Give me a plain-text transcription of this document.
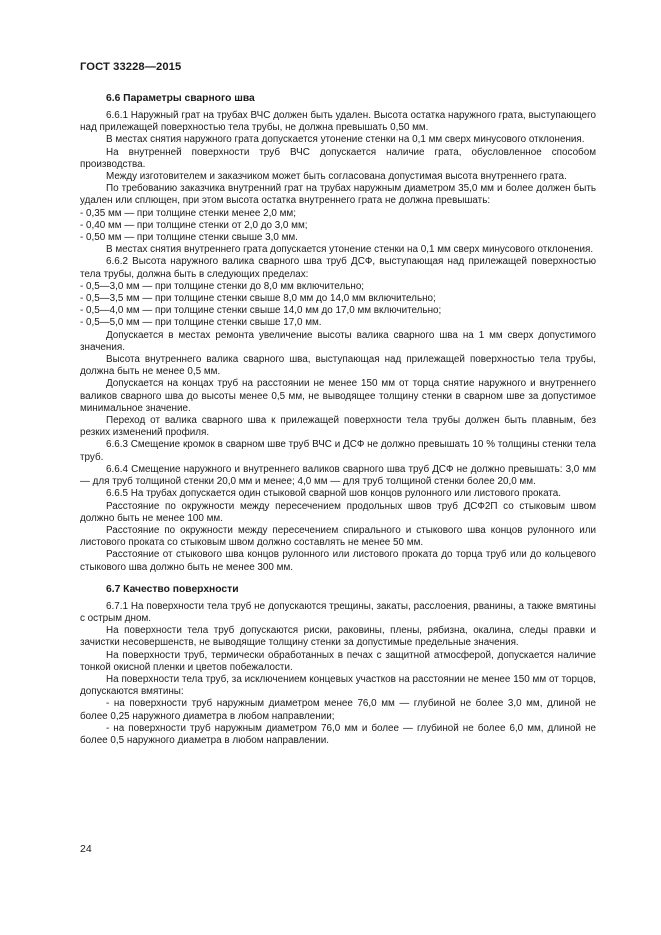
ГОСТ 33228—2015
6.6 Параметры сварного шва

6.6.1 Наружный грат на трубах ВЧС должен быть удален. Высота остатка наружного грата, выступающего над прилежащей поверхностью тела трубы, не должна превышать 0,50 мм.

В местах снятия наружного грата допускается утонение стенки на 0,1 мм сверх минусового отклонения.

На внутренней поверхности труб ВЧС допускается наличие грата, обусловленное способом производства.

Между изготовителем и заказчиком может быть согласована допустимая высота внутреннего грата.

По требованию заказчика внутренний грат на трубах наружным диаметром 35,0 мм и более должен быть удален или сплющен, при этом высота остатка внутреннего грата не должна превышать:

- 0,35 мм — при толщине стенки менее 2,0 мм;

- 0,40 мм — при толщине стенки от 2,0 до 3,0 мм;

- 0,50 мм — при толщине стенки свыше 3,0 мм.

В местах снятия внутреннего грата допускается утонение стенки на 0,1 мм сверх минусового отклонения.

6.6.2 Высота наружного валика сварного шва труб ДСФ, выступающая над прилежащей поверхностью тела трубы, должна быть в следующих пределах:

- 0,5—3,0 мм — при толщине стенки до 8,0 мм включительно;

- 0,5—3,5 мм — при толщине стенки свыше 8,0 мм до 14,0 мм включительно;

- 0,5—4,0 мм — при толщине стенки свыше 14,0 мм до 17,0 мм включительно;

- 0,5—5,0 мм — при толщине стенки свыше 17,0 мм.

Допускается в местах ремонта увеличение высоты валика сварного шва на 1 мм сверх допустимого значения.

Высота внутреннего валика сварного шва, выступающая над прилежащей поверхностью тела трубы, должна быть не менее 0,5 мм.

Допускается на концах труб на расстоянии не менее 150 мм от торца снятие наружного и внутреннего валиков сварного шва до высоты менее 0,5 мм, не выводящее толщину стенки в сварном шве за допустимое минимальное значение.

Переход от валика сварного шва к прилежащей поверхности тела трубы должен быть плавным, без резких изменений профиля.

6.6.3 Смещение кромок в сварном шве труб ВЧС и ДСФ не должно превышать 10 % толщины стенки тела труб.

6.6.4 Смещение наружного и внутреннего валиков сварного шва труб ДСФ не должно превышать: 3,0 мм — для труб толщиной стенки 20,0 мм и менее; 4,0 мм — для труб толщиной стенки более 20,0 мм.

6.6.5 На трубах допускается один стыковой сварной шов концов рулонного или листового проката.

Расстояние по окружности между пересечением продольных швов труб ДСФ2П со стыковым швом должно быть не менее 100 мм.

Расстояние по окружности между пересечением спирального и стыкового шва концов рулонного или листового проката со стыковым швом должно составлять не менее 50 мм.

Расстояние от стыкового шва концов рулонного или листового проката до торца труб или до кольцевого стыкового шва должно быть не менее 300 мм.

6.7 Качество поверхности

6.7.1 На поверхности тела труб не допускаются трещины, закаты, расслоения, рванины, а также вмятины с острым дном.

На поверхности тела труб допускаются риски, раковины, плены, рябизна, окалина, следы правки и зачистки несовершенств, не выводящие толщину стенки за допустимые предельные значения.

На поверхности труб, термически обработанных в печах с защитной атмосферой, допускается наличие тонкой окисной пленки и цветов побежалости.

На поверхности тела труб, за исключением концевых участков на расстоянии не менее 150 мм от торцов, допускаются вмятины:

- на поверхности труб наружным диаметром менее 76,0 мм — глубиной не более 3,0 мм, длиной не более 0,25 наружного диаметра в любом направлении;

- на поверхности труб наружным диаметром 76,0 мм и более — глубиной не более 6,0 мм, длиной не более 0,5 наружного диаметра в любом направлении.

24
